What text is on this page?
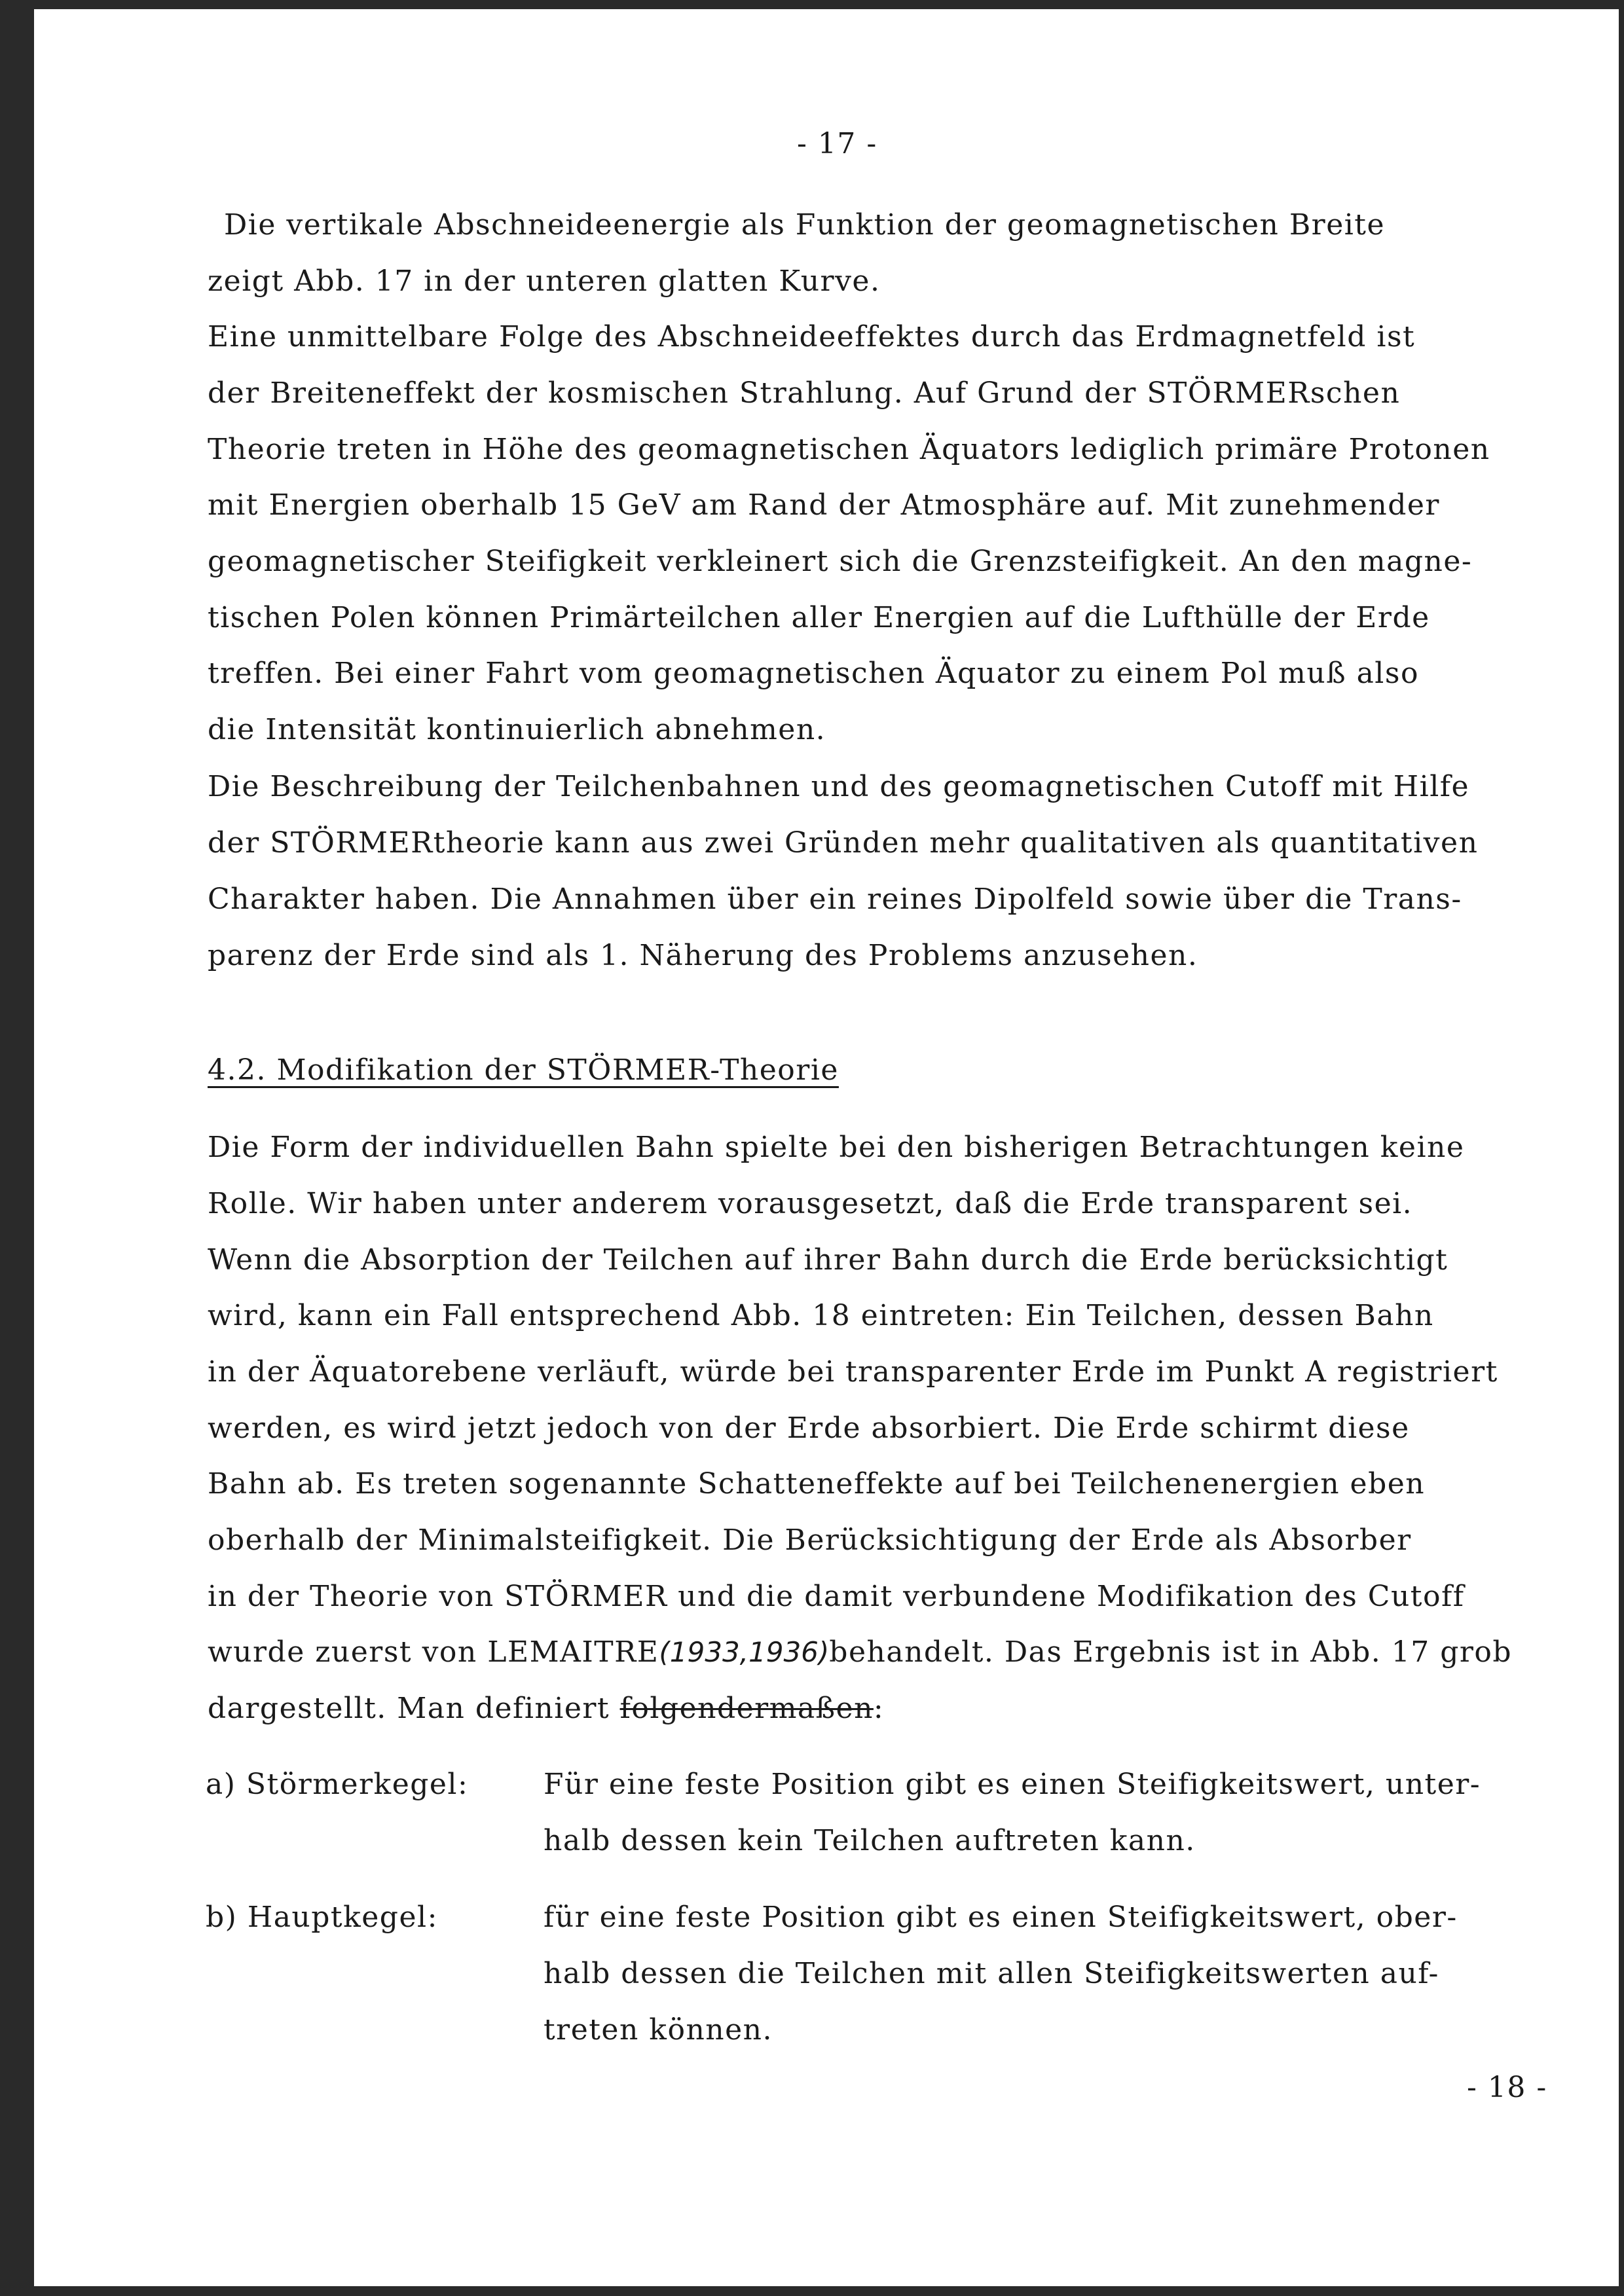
- 17 -
Die vertikale Abschneideenergie als Funktion der geomagnetischen Breite
zeigt Abb. 17 in der unteren glatten Kurve.
Eine unmittelbare Folge des Abschneideeffektes durch das Erdmagnetfeld ist
der Breiteneffekt der kosmischen Strahlung. Auf Grund der STÖRMERschen
Theorie treten in Höhe des geomagnetischen Äquators lediglich primäre Protonen
mit Energien oberhalb 15 GeV am Rand der Atmosphäre auf. Mit zunehmender
geomagnetischer Steifigkeit verkleinert sich die Grenzsteifigkeit. An den magne-
tischen Polen können Primärteilchen aller Energien auf die Lufthülle der Erde
treffen. Bei einer Fahrt vom geomagnetischen Äquator zu einem Pol muß also
die Intensität kontinuierlich abnehmen.
Die Beschreibung der Teilchenbahnen und des geomagnetischen Cutoff mit Hilfe
der STÖRMERtheorie kann aus zwei Gründen mehr qualitativen als quantitativen
Charakter haben. Die Annahmen über ein reines Dipolfeld sowie über die Trans-
parenz der Erde sind als 1. Näherung des Problems anzusehen.
4.2. Modifikation der STÖRMER-Theorie
Die Form der individuellen Bahn spielte bei den bisherigen Betrachtungen keine
Rolle. Wir haben unter anderem vorausgesetzt, daß die Erde transparent sei.
Wenn die Absorption der Teilchen auf ihrer Bahn durch die Erde berücksichtigt
wird, kann ein Fall entsprechend Abb. 18 eintreten: Ein Teilchen, dessen Bahn
in der Äquatorebene verläuft, würde bei transparenter Erde im Punkt A registriert
werden, es wird jetzt jedoch von der Erde absorbiert. Die Erde schirmt diese
Bahn ab. Es treten sogenannte Schatteneffekte auf bei Teilchenenergien eben
oberhalb der Minimalsteifigkeit. Die Berücksichtigung der Erde als Absorber
in der Theorie von STÖRMER und die damit verbundene Modifikation des Cutoff
wurde zuerst von LEMAITRE(1933,1936)behandelt. Das Ergebnis ist in Abb. 17 grob
dargestellt. Man definiert folgendermaßen:
a) Störmerkegel:	Für eine feste Position gibt es einen Steifigkeitswert, unter-
halb dessen kein Teilchen auftreten kann.
b) Hauptkegel:	für eine feste Position gibt es einen Steifigkeitswert, ober-
halb dessen die Teilchen mit allen Steifigkeitswerten auf-
treten können.
- 18 -
